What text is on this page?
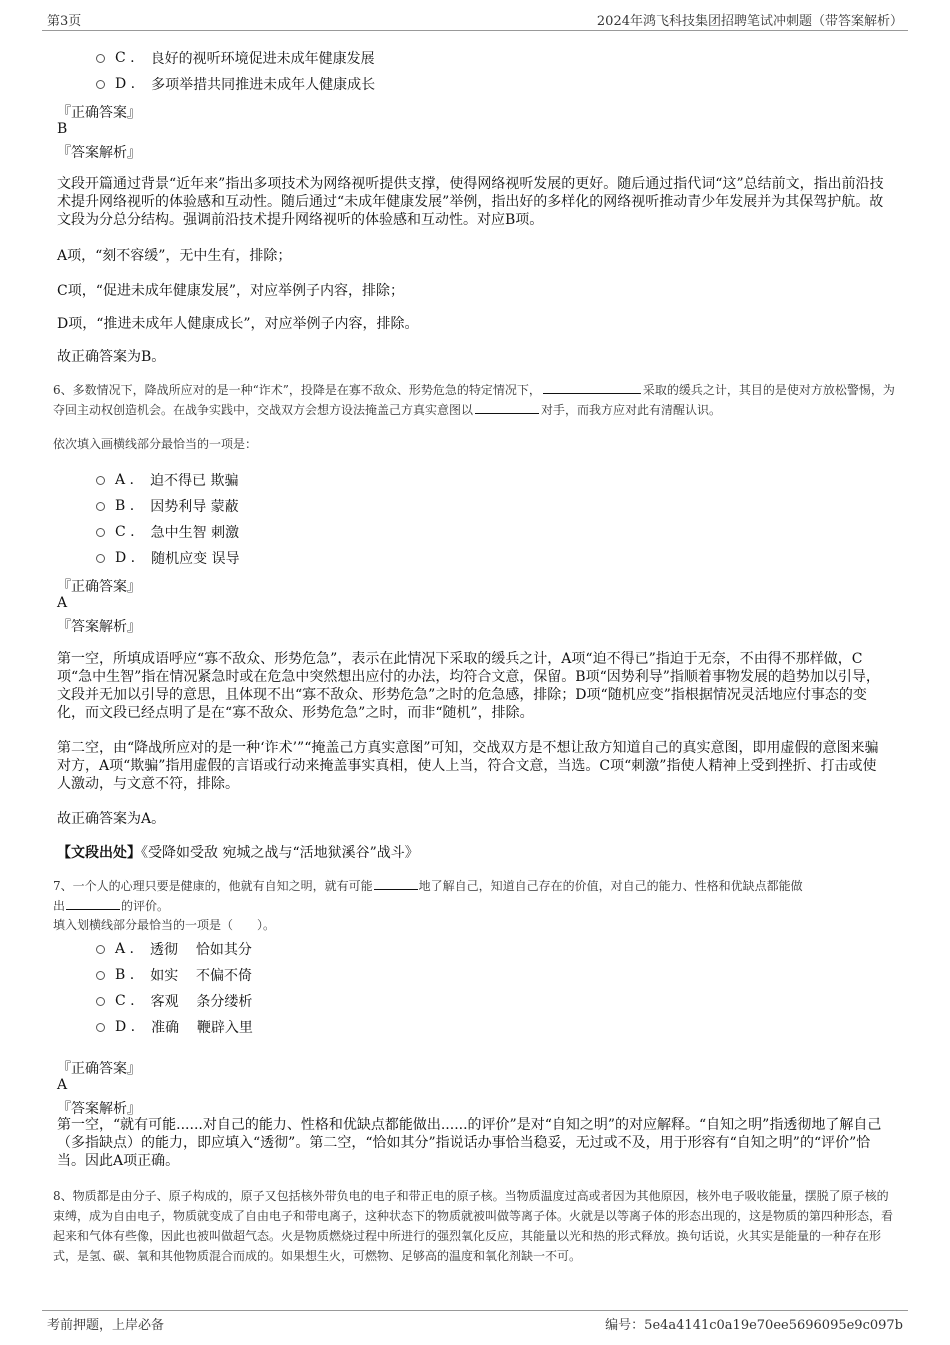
第3页	2024年鸿飞科技集团招聘笔试冲刺题（带答案解析）
C . 良好的视听环境促进未成年健康发展
D . 多项举措共同推进未成年人健康成长
『正确答案』
B
『答案解析』
文段开篇通过背景“近年来”指出多项技术为网络视听提供支撑，使得网络视听发展的更好。随后通过指代词“这”总结前文，指出前沿技术提升网络视听的体验感和互动性。随后通过“未成年健康发展”举例，指出好的多样化的网络视听推动青少年发展并为其保驾护航。故文段为分总分结构。强调前沿技术提升网络视听的体验感和互动性。对应B项。
A项，“刻不容缓”，无中生有，排除；
C项，“促进未成年健康发展”，对应举例子内容，排除；
D项，“推进未成年人健康成长”，对应举例子内容，排除。
故正确答案为B。
6、多数情况下，降战所应对的是一种“诈术”，投降是在寡不敌众、形势危急的特定情况下，	采取的缓兵之计，其目的是使对方放松警惕，为夺回主动权创造机会。在战争实践中，交战双方会想方设法掩盖己方真实意图以	对手，而我方应对此有清醒认识。
依次填入画横线部分最恰当的一项是：
A . 迫不得已 欺骗
B . 因势利导 蒙蔽
C . 急中生智 刺激
D . 随机应变 误导
『正确答案』
A
『答案解析』
第一空，所填成语呼应“寡不敌众、形势危急”，表示在此情况下采取的缓兵之计，A项“迫不得已”指迫于无奈，不由得不那样做，C项“急中生智”指在情况紧急时或在危急中突然想出应付的办法，均符合文意，保留。B项“因势利导”指顺着事物发展的趋势加以引导，文段并无加以引导的意思，且体现不出“寡不敌众、形势危急”之时的危急感，排除；D项“随机应变”指根据情况灵活地应付事态的变化，而文段已经点明了是在“寡不敌众、形势危急”之时，而非“随机”，排除。
第二空，由“降战所应对的是一种‘诈术’”“掩盖己方真实意图”可知，交战双方是不想让敌方知道自己的真实意图，即用虚假的意图来骗对方，A项“欺骗”指用虚假的言语或行动来掩盖事实真相，使人上当，符合文意，当选。C项“刺激”指使人精神上受到挫折、打击或使人激动，与文意不符，排除。
故正确答案为A。
【文段出处】《受降如受敌 宛城之战与“活地狱溪谷”战斗》
7、一个人的心理只要是健康的，他就有自知之明，就有可能	地了解自己，知道自己存在的价值，对自己的能力、性格和优缺点都能做
出	的评价。
填入划横线部分最恰当的一项是（　　）。
A . 透彻    恰如其分
B . 如实    不偏不倚
C . 客观    条分缕析
D . 准确    鞭辟入里
『正确答案』
A
『答案解析』
第一空，“就有可能......对自己的能力、性格和优缺点都能做出......的评价”是对“自知之明”的对应解释。“自知之明”指透彻地了解自己（多指缺点）的能力，即应填入“透彻”。第二空，“恰如其分”指说话办事恰当稳妥，无过或不及，用于形容有“自知之明”的“评价”恰当。因此A项正确。
8、物质都是由分子、原子构成的，原子又包括核外带负电的电子和带正电的原子核。当物质温度过高或者因为其他原因，核外电子吸收能量，摆脱了原子核的束缚，成为自由电子，物质就变成了自由电子和带电离子，这种状态下的物质就被叫做等离子体。火就是以等离子体的形态出现的，这是物质的第四种形态，看起来和气体有些像，因此也被叫做超气态。火是物质燃烧过程中所进行的强烈氧化反应，其能量以光和热的形式释放。换句话说，火其实是能量的一种存在形式，是氢、碳、氧和其他物质混合而成的。如果想生火，可燃物、足够高的温度和氧化剂缺一不可。
考前押题，上岸必备	编号：5e4a4141c0a19e70ee5696095e9c097b
